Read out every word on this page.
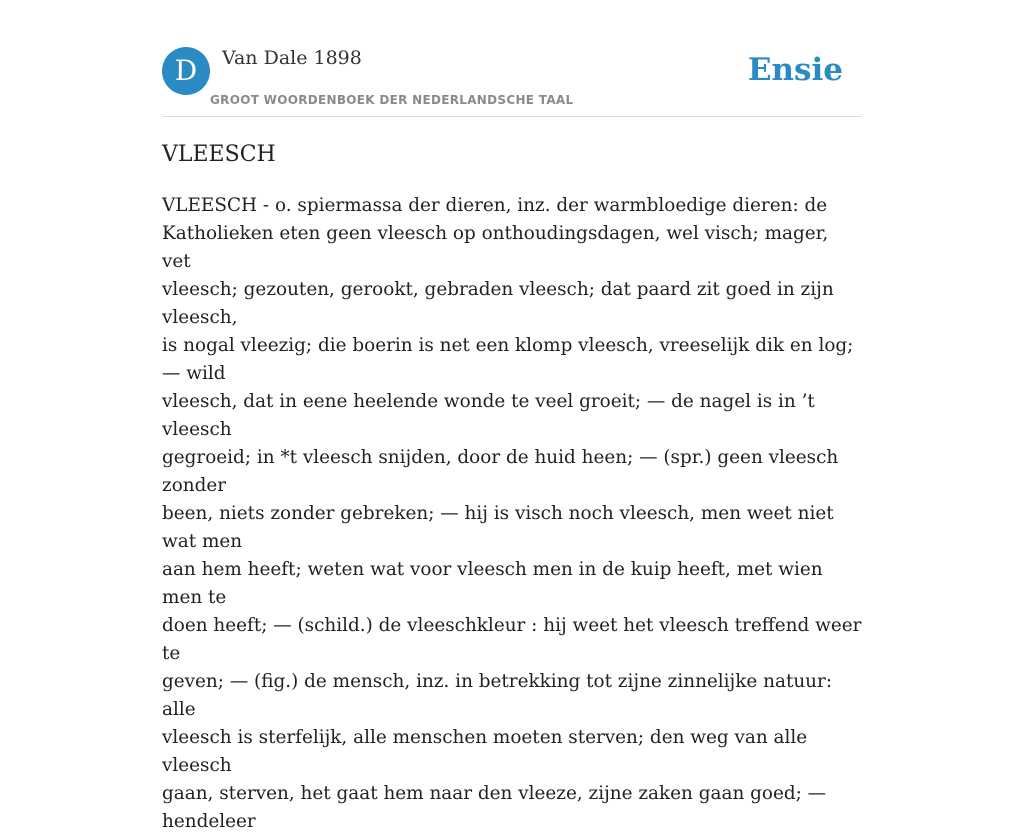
D	Van Dale 1898
GROOT WOORDENBOEK DER NEDERLANDSCHE TAAL
Ensie
VLEESCH

VLEESCH - o. spiermassa der dieren, inz. der warmbloedige dieren: de
Katholieken eten geen vleesch op onthoudingsdagen, wel visch; mager, vet
vleesch; gezouten, gerookt, gebraden vleesch; dat paard zit goed in zijn vleesch,
is nogal vleezig; die boerin is net een klomp vleesch, vreeselijk dik en log; — wild
vleesch, dat in eene heelende wonde te veel groeit; — de nagel is in ’t vleesch
gegroeid; in *t vleesch snijden, door de huid heen; — (spr.) geen vleesch zonder
been, niets zonder gebreken; — hij is visch noch vleesch, men weet niet wat men
aan hem heeft; weten wat voor vleesch men in de kuip heeft, met wien men te
doen heeft; — (schild.) de vleeschkleur : hij weet het vleesch treffend weer te
geven; — (fig.) de mensch, inz. in betrekking tot zijne zinnelijke natuur: alle
vleesch is sterfelijk, alle menschen moeten sterven; den weg van alle vleesch
gaan, sterven, het gaat hem naar den vleeze, zijne zaken gaan goed; — hendeleer
